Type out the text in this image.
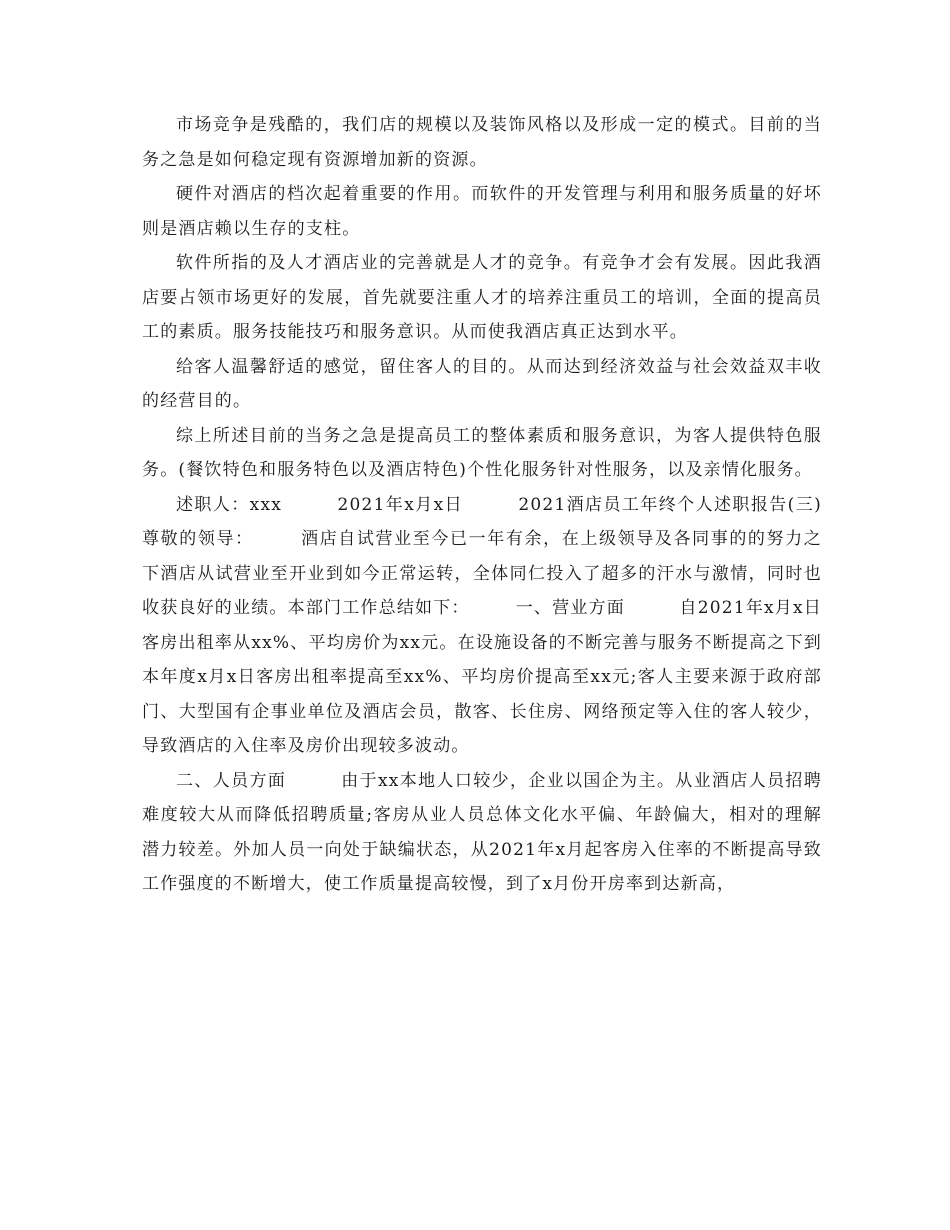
市场竞争是残酷的，我们店的规模以及装饰风格以及形成一定的模式。目前的当务之急是如何稳定现有资源增加新的资源。

硬件对酒店的档次起着重要的作用。而软件的开发管理与利用和服务质量的好坏则是酒店赖以生存的支柱。

软件所指的及人才酒店业的完善就是人才的竞争。有竞争才会有发展。因此我酒店要占领市场更好的发展，首先就要注重人才的培养注重员工的培训，全面的提高员工的素质。服务技能技巧和服务意识。从而使我酒店真正达到水平。

给客人温馨舒适的感觉，留住客人的目的。从而达到经济效益与社会效益双丰收的经营目的。

综上所述目前的当务之急是提高员工的整体素质和服务意识，为客人提供特色服务。(餐饮特色和服务特色以及酒店特色)个性化服务针对性服务，以及亲情化服务。

述职人：xxx　　　2021年x月x日　　　2021酒店员工年终个人述职报告(三)　尊敬的领导：　　　酒店自试营业至今已一年有余，在上级领导及各同事的的努力之下酒店从试营业至开业到如今正常运转，全体同仁投入了超多的汗水与激情，同时也收获良好的业绩。本部门工作总结如下：　　　一、营业方面　　　自2021年x月x日客房出租率从xx%、平均房价为xx元。在设施设备的不断完善与服务不断提高之下到本年度x月x日客房出租率提高至xx%、平均房价提高至xx元;客人主要来源于政府部门、大型国有企事业单位及酒店会员，散客、长住房、网络预定等入住的客人较少，导致酒店的入住率及房价出现较多波动。

二、人员方面　　　由于xx本地人口较少，企业以国企为主。从业酒店人员招聘难度较大从而降低招聘质量;客房从业人员总体文化水平偏、年龄偏大，相对的理解潜力较差。外加人员一向处于缺编状态，从2021年x月起客房入住率的不断提高导致工作强度的不断增大，使工作质量提高较慢，到了x月份开房率到达新高，
